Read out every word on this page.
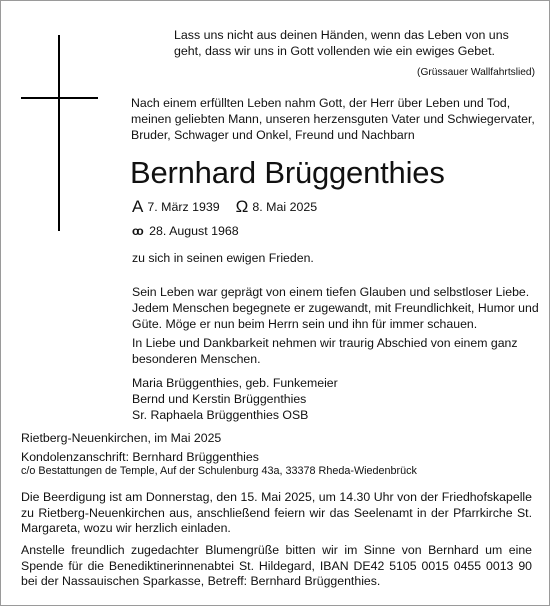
Lass uns nicht aus deinen Händen, wenn das Leben von uns geht, dass wir uns in Gott vollenden wie ein ewiges Gebet.
(Grüssauer Wallfahrtslied)
Nach einem erfüllten Leben nahm Gott, der Herr über Leben und Tod, meinen geliebten Mann, unseren herzensguten Vater und Schwiegervater, Bruder, Schwager und Onkel, Freund und Nachbarn
Bernhard Brüggenthies
A 7. März 1939 Ω 8. Mai 2025
oo 28. August 1968
zu sich in seinen ewigen Frieden.
Sein Leben war geprägt von einem tiefen Glauben und selbstloser Liebe. Jedem Menschen begegnete er zugewandt, mit Freundlichkeit, Humor und Güte. Möge er nun beim Herrn sein und ihn für immer schauen.
In Liebe und Dankbarkeit nehmen wir traurig Abschied von einem ganz besonderen Menschen.
Maria Brüggenthies, geb. Funkemeier
Bernd und Kerstin Brüggenthies
Sr. Raphaela Brüggenthies OSB
Rietberg-Neuenkirchen, im Mai 2025
Kondolenzanschrift: Bernhard Brüggenthies
c/o Bestattungen de Temple, Auf der Schulenburg 43a, 33378 Rheda-Wiedenbrück
Die Beerdigung ist am Donnerstag, den 15. Mai 2025, um 14.30 Uhr von der Friedhofskapelle zu Rietberg-Neuenkirchen aus, anschließend feiern wir das Seelenamt in der Pfarrkirche St. Margareta, wozu wir herzlich einladen.
Anstelle freundlich zugedachter Blumengrüße bitten wir im Sinne von Bernhard um eine Spende für die Benediktinerinnenabtei St. Hildegard, IBAN DE42 5105 0015 0455 0013 90 bei der Nassauischen Sparkasse, Betreff: Bernhard Brüggenthies.
